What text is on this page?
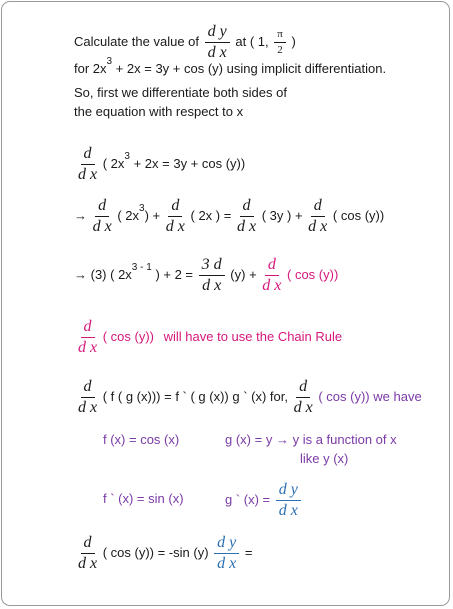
Calculate the value of $\frac{\text{d y}}{\text{d x}}$ at ( 1, $\frac{\pi}{2}$ )
for $2x^3 + 2x = 3y + \cos (y)$ using implicit differentiation.
So, first we differentiate both sides of
the equation with respect to x
$\frac{d}{\text{d x}}$ ( $2x^3 + 2x = 3y + \cos (y)$)
→ $\frac{d}{\text{d x}}$ ( $2x^3) + \frac{d}{\text{d x}}$ ( 2x ) = $\frac{d}{\text{d x}}$ ( 3y ) + $\frac{d}{\text{d x}}$ ( cos (y))
→ (3) ( $2x^{3 - 1}$ ) + $2 = \frac{3 d}{\text{d x}} (y) + \frac{d}{\text{d x}}$ ( cos (y))
$\frac{d}{\text{d x}}$ ( cos (y)) will have to use the Chain Rule
$\frac{d}{\text{d x}}$ ( f ( g (x))) = f ` ( g (x)) g ` (x) for, $\frac{d}{\text{d x}}$ ( cos (y)) we have
f (x) = cos (x)	g (x) = y → y is a function of x
like y (x)
f ` (x) = sin (x)	g ` $(x) = \frac{\text{d y}}{\text{d x}}$
$\frac{d}{\text{d x}}$ ( cos (y)) = -sin $(y) \frac{\text{d y}}{\text{d x}}$ =
